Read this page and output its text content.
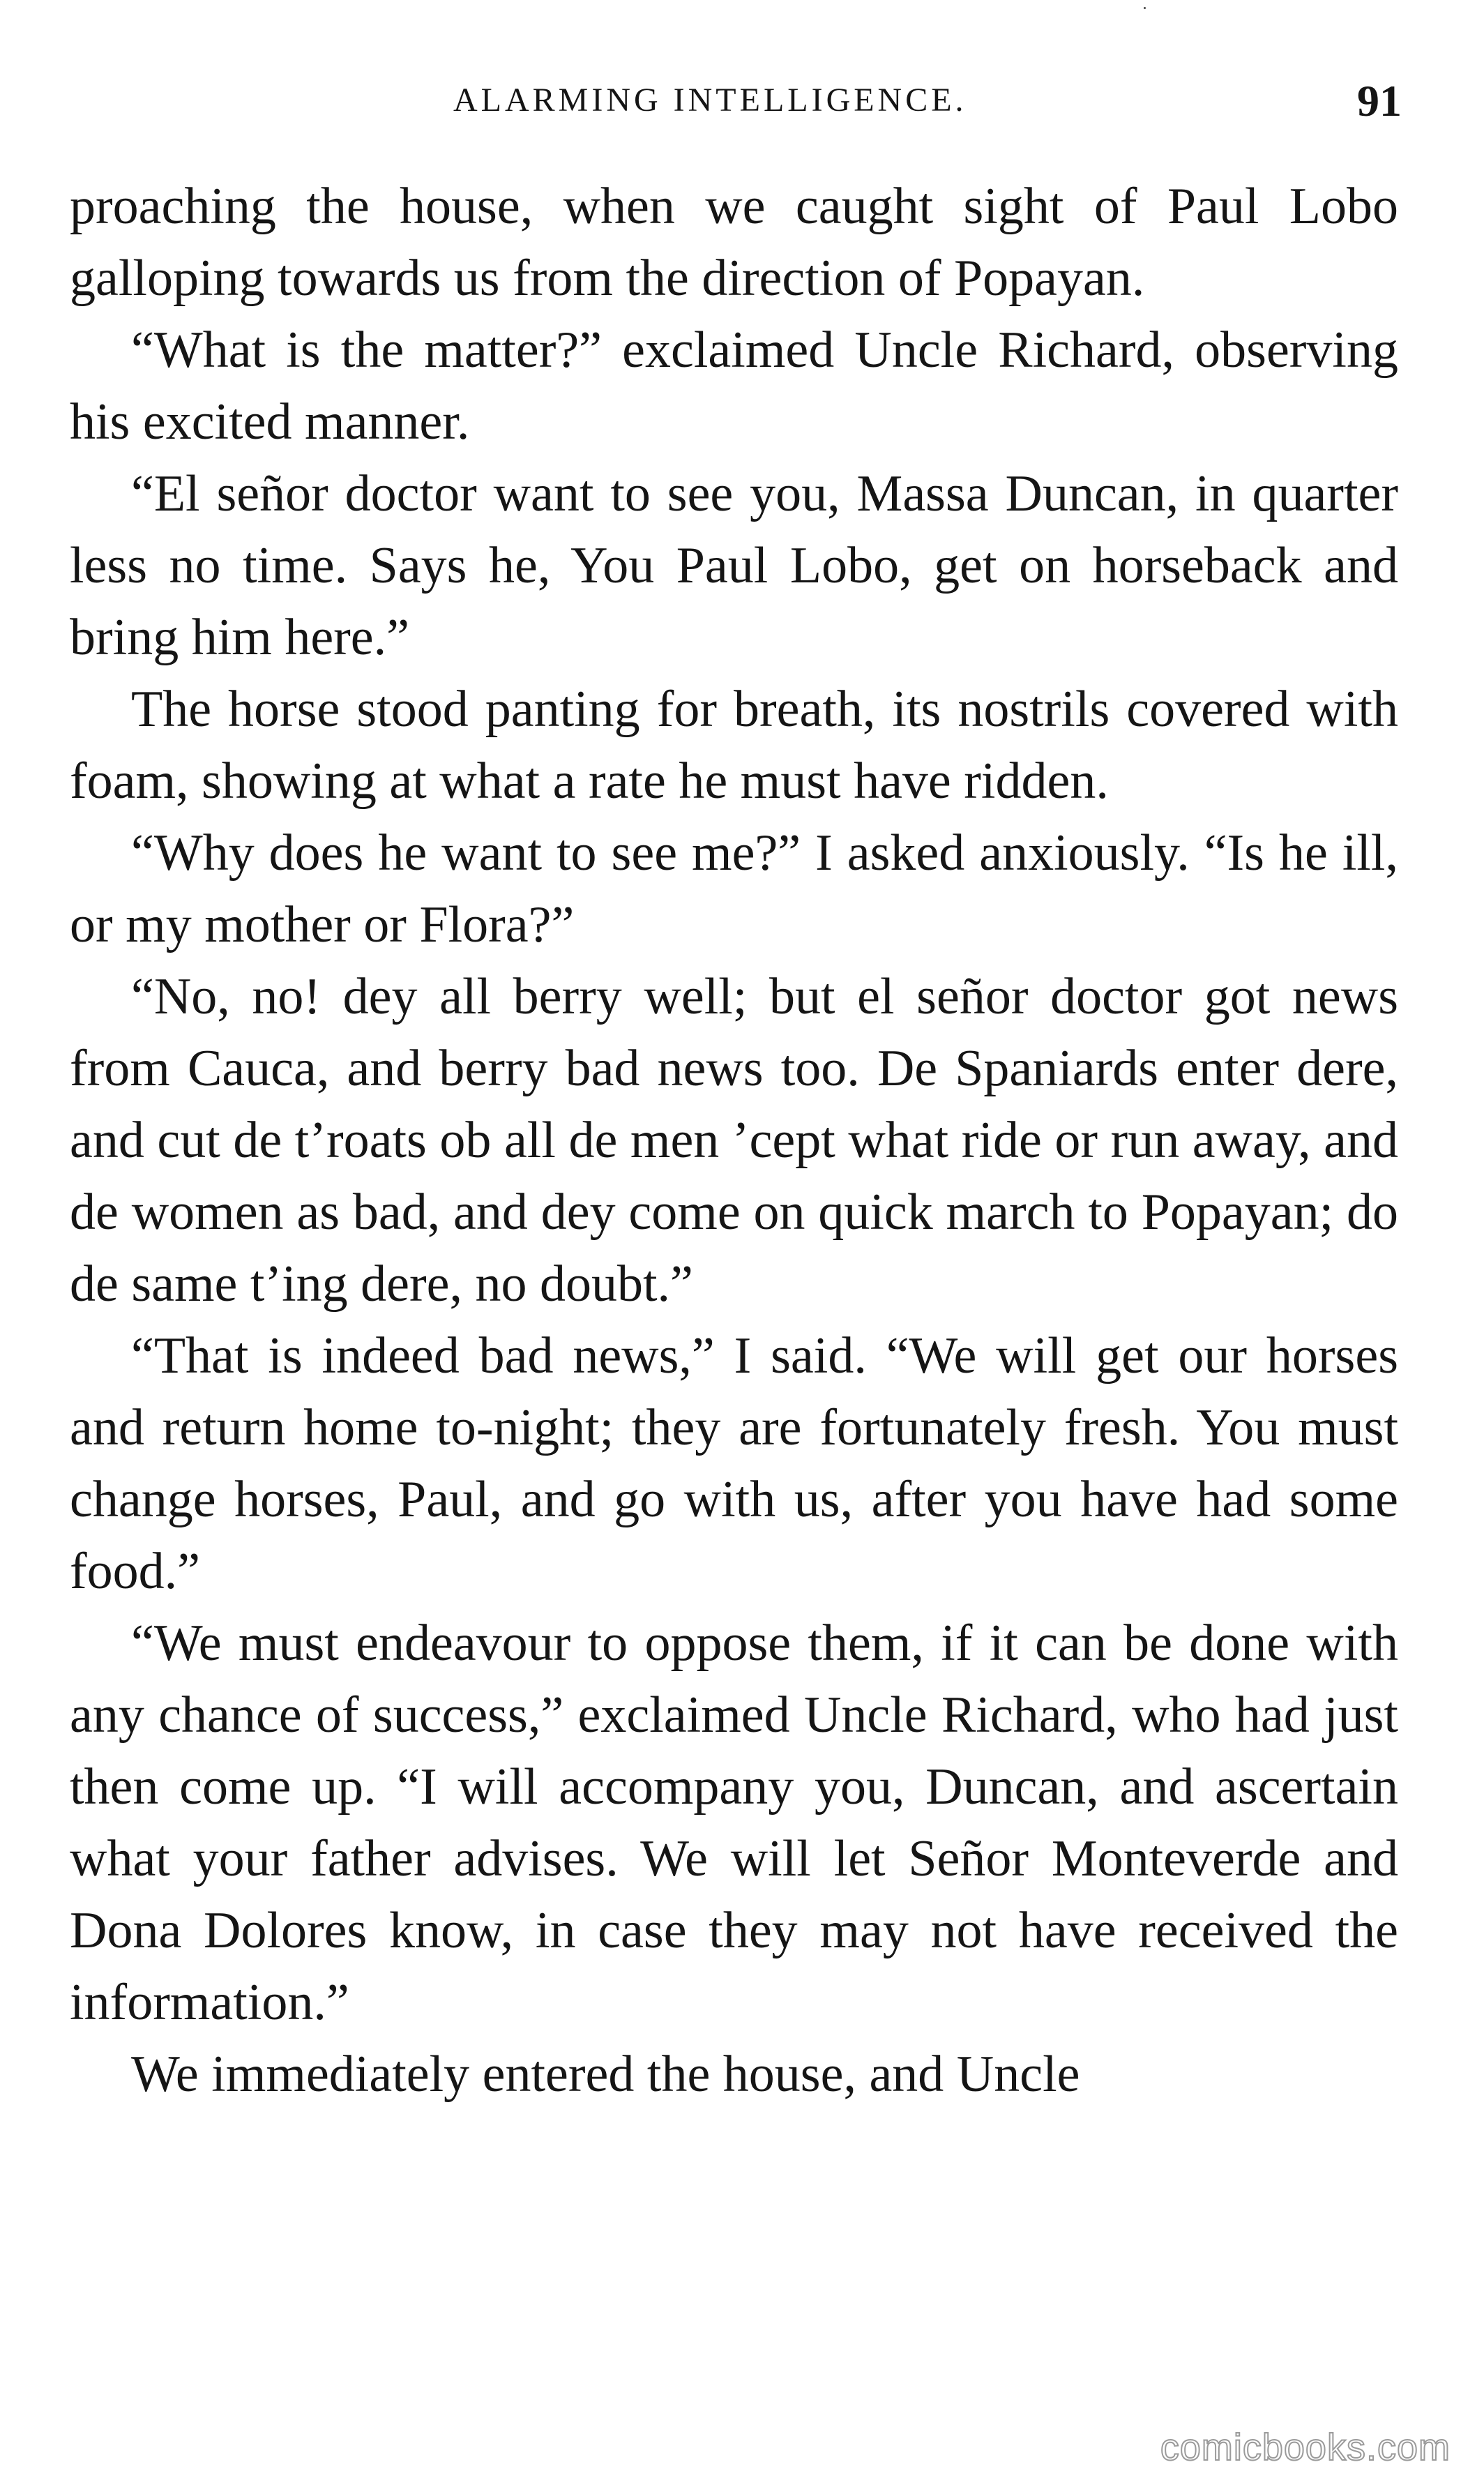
ALARMING INTELLIGENCE.	91

proaching the house, when we caught sight of Paul Lobo galloping towards us from the direction of Popayan.

“What is the matter?” exclaimed Uncle Richard, observing his excited manner.

“El señor doctor want to see you, Massa Duncan, in quarter less no time. Says he, You Paul Lobo, get on horseback and bring him here.”

The horse stood panting for breath, its nostrils covered with foam, showing at what a rate he must have ridden.

“Why does he want to see me?” I asked anxiously. “Is he ill, or my mother or Flora?”

“No, no! dey all berry well; but el señor doctor got news from Cauca, and berry bad news too. De Spaniards enter dere, and cut de t’roats ob all de men ’cept what ride or run away, and de women as bad, and dey come on quick march to Popayan; do de same t’ing dere, no doubt.”

“That is indeed bad news,” I said. “We will get our horses and return home to-night; they are fortunately fresh. You must change horses, Paul, and go with us, after you have had some food.”

“We must endeavour to oppose them, if it can be done with any chance of success,” exclaimed Uncle Richard, who had just then come up. “I will accompany you, Duncan, and ascertain what your father advises. We will let Señor Monteverde and Dona Dolores know, in case they may not have received the information.”

We immediately entered the house, and Uncle

comicbooks.com
